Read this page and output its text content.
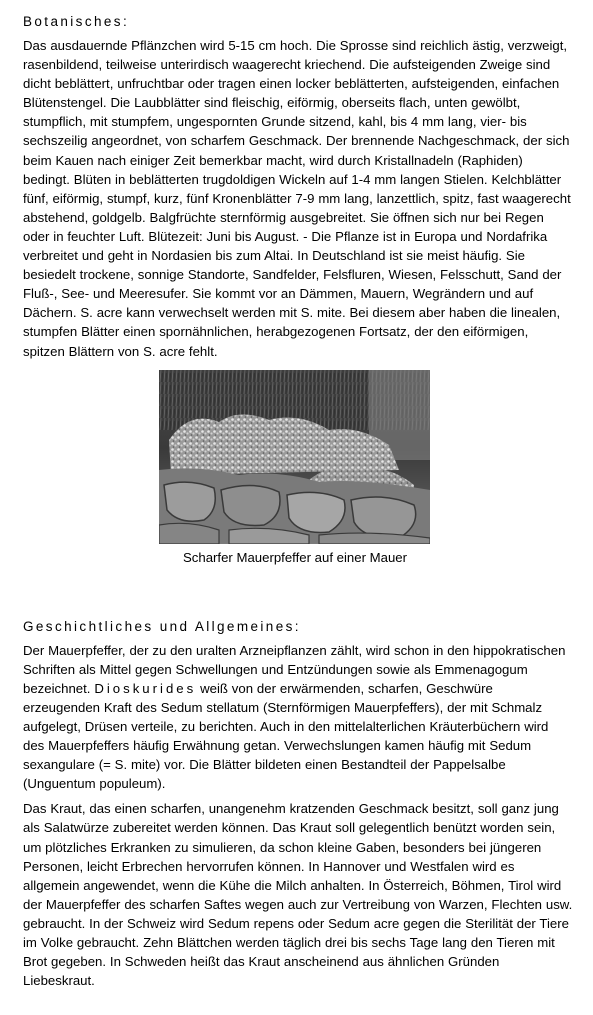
Botanisches:

Das ausdauernde Pflänzchen wird 5-15 cm hoch. Die Sprosse sind reichlich ästig, verzweigt, rasenbildend, teilweise unterirdisch waagerecht kriechend. Die aufsteigenden Zweige sind dicht beblättert, unfruchtbar oder tragen einen locker beblätterten, aufsteigenden, einfachen Blütenstengel. Die Laubblätter sind fleischig, eiförmig, oberseits flach, unten gewölbt, stumpflich, mit stumpfem, ungespornten Grunde sitzend, kahl, bis 4 mm lang, vier- bis sechszeilig angeordnet, von scharfem Geschmack. Der brennende Nachgeschmack, der sich beim Kauen nach einiger Zeit bemerkbar macht, wird durch Kristallnadeln (Raphiden) bedingt. Blüten in beblätterten trugdoldigen Wickeln auf 1-4 mm langen Stielen. Kelchblätter fünf, eiförmig, stumpf, kurz, fünf Kronenblätter 7-9 mm lang, lanzettlich, spitz, fast waagerecht abstehend, goldgelb. Balgfrüchte sternförmig ausgebreitet. Sie öffnen sich nur bei Regen oder in feuchter Luft. Blütezeit: Juni bis August. - Die Pflanze ist in Europa und Nordafrika verbreitet und geht in Nordasien bis zum Altai. In Deutschland ist sie meist häufig. Sie besiedelt trockene, sonnige Standorte, Sandfelder, Felsfluren, Wiesen, Felsschutt, Sand der Fluß-, See- und Meeresufer. Sie kommt vor an Dämmen, Mauern, Wegrändern und auf Dächern. S. acre kann verwechselt werden mit S. mite. Bei diesem aber haben die linealen, stumpfen Blätter einen spornähnlichen, herabgezogenen Fortsatz, der den eiförmigen, spitzen Blättern von S. acre fehlt.

Scharfer Mauerpfeffer auf einer Mauer
Geschichtliches und Allgemeines:

Der Mauerpfeffer, der zu den uralten Arzneipflanzen zählt, wird schon in den hippokratischen Schriften als Mittel gegen Schwellungen und Entzündungen sowie als Emmenagogum bezeichnet. Dioskurides weiß von der erwärmenden, scharfen, Geschwüre erzeugenden Kraft des Sedum stellatum (Sternförmigen Mauerpfeffers), der mit Schmalz aufgelegt, Drüsen verteile, zu berichten. Auch in den mittelalterlichen Kräuterbüchern wird des Mauerpfeffers häufig Erwähnung getan. Verwechslungen kamen häufig mit Sedum sexangulare (= S. mite) vor. Die Blätter bildeten einen Bestandteil der Pappelsalbe (Unguentum populeum).

Das Kraut, das einen scharfen, unangenehm kratzenden Geschmack besitzt, soll ganz jung als Salatwürze zubereitet werden können. Das Kraut soll gelegentlich benützt worden sein, um plötzliches Erkranken zu simulieren, da schon kleine Gaben, besonders bei jüngeren Personen, leicht Erbrechen hervorrufen können. In Hannover und Westfalen wird es allgemein angewendet, wenn die Kühe die Milch anhalten. In Österreich, Böhmen, Tirol wird der Mauerpfeffer des scharfen Saftes wegen auch zur Vertreibung von Warzen, Flechten usw. gebraucht. In der Schweiz wird Sedum repens oder Sedum acre gegen die Sterilität der Tiere im Volke gebraucht. Zehn Blättchen werden täglich drei bis sechs Tage lang den Tieren mit Brot gegeben. In Schweden heißt das Kraut anscheinend aus ähnlichen Gründen Liebeskraut.
